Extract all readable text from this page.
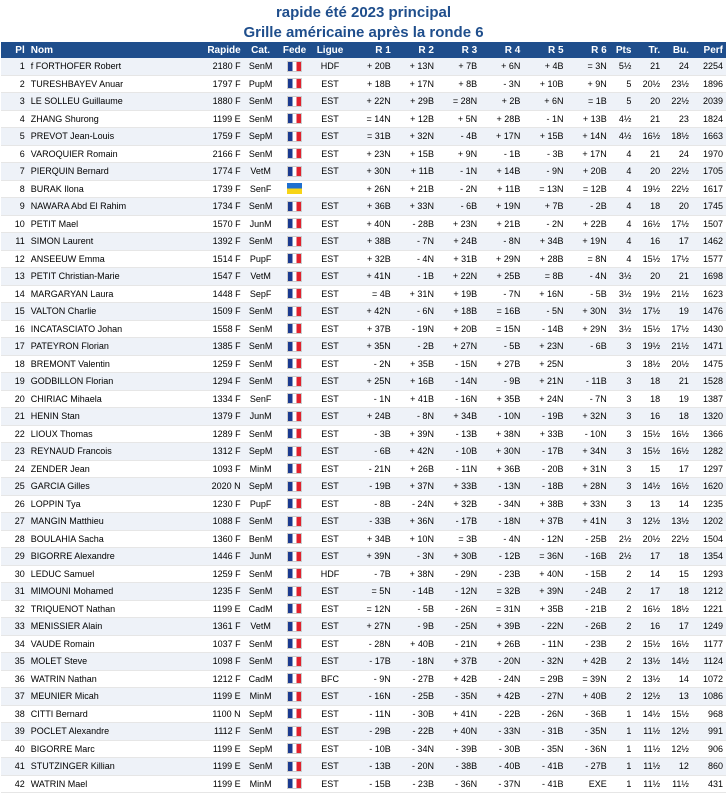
rapide été 2023 principal
Grille américaine après la ronde 6
Pl	Nom	Rapide	Cat.	Fede	Ligue	R 1	R 2	R 3	R 4	R 5	R 6	Pts	Tr.	Bu.	Perf
1	f FORTHOFER Robert	2180 F	SenM		HDF	+ 20B	+ 13N	+ 7B	+ 6N	+ 4B	= 3N	5½	21	24	2254
2	TURESHBAYEV Anuar	1797 F	PupM		EST	+ 18B	+ 17N	+ 8B	- 3N	+ 10B	+ 9N	5	20½	23½	1896
3	LE SOLLEU Guillaume	1880 F	SenM		EST	+ 22N	+ 29B	= 28N	+ 2B	+ 6N	= 1B	5	20	22½	2039
4	ZHANG Shurong	1199 E	SenM		EST	= 14N	+ 12B	+ 5N	+ 28B	- 1N	+ 13B	4½	21	23	1824
5	PREVOT Jean-Louis	1759 F	SepM		EST	= 31B	+ 32N	- 4B	+ 17N	+ 15B	+ 14N	4½	16½	18½	1663
6	VAROQUIER Romain	2166 F	SenM		EST	+ 23N	+ 15B	+ 9N	- 1B	- 3B	+ 17N	4	21	24	1970
7	PIERQUIN Bernard	1774 F	VetM		EST	+ 30N	+ 11B	- 1N	+ 14B	- 9N	+ 20B	4	20	22½	1705
8	BURAK Ilona	1739 F	SenF			+ 26N	+ 21B	- 2N	+ 11B	= 13N	= 12B	4	19½	22½	1617
9	NAWARA Abd El Rahim	1734 F	SenM		EST	+ 36B	+ 33N	- 6B	+ 19N	+ 7B	- 2B	4	18	20	1745
10	PETIT Mael	1570 F	JunM		EST	+ 40N	- 28B	+ 23N	+ 21B	- 2N	+ 22B	4	16½	17½	1507
11	SIMON Laurent	1392 F	SenM		EST	+ 38B	- 7N	+ 24B	- 8N	+ 34B	+ 19N	4	16	17	1462
12	ANSEEUW Emma	1514 F	PupF		EST	+ 32B	- 4N	+ 31B	+ 29N	+ 28B	= 8N	4	15½	17½	1577
13	PETIT Christian-Marie	1547 F	VetM		EST	+ 41N	- 1B	+ 22N	+ 25B	= 8B	- 4N	3½	20	21	1698
14	MARGARYAN Laura	1448 F	SepF		EST	= 4B	+ 31N	+ 19B	- 7N	+ 16N	- 5B	3½	19½	21½	1623
15	VALTON Charlie	1509 F	SenM		EST	+ 42N	- 6N	+ 18B	= 16B	- 5N	+ 30N	3½	17½	19	1476
16	INCATASCIATO Johan	1558 F	SenM		EST	+ 37B	- 19N	+ 20B	= 15N	- 14B	+ 29N	3½	15½	17½	1430
17	PATEYRON Florian	1385 F	SenM		EST	+ 35N	- 2B	+ 27N	- 5B	+ 23N	- 6B	3	19½	21½	1471
18	BREMONT Valentin	1259 F	SenM		EST	- 2N	+ 35B	- 15N	+ 27B	+ 25N		3	18½	20½	1475
19	GODBILLON Florian	1294 F	SenM		EST	+ 25N	+ 16B	- 14N	- 9B	+ 21N	- 11B	3	18	21	1528
20	CHIRIAC Mihaela	1334 F	SenF		EST	- 1N	+ 41B	- 16N	+ 35B	+ 24N	- 7N	3	18	19	1387
21	HENIN Stan	1379 F	JunM		EST	+ 24B	- 8N	+ 34B	- 10N	- 19B	+ 32N	3	16	18	1320
22	LIOUX Thomas	1289 F	SenM		EST	- 3B	+ 39N	- 13B	+ 38N	+ 33B	- 10N	3	15½	16½	1366
23	REYNAUD Francois	1312 F	SepM		EST	- 6B	+ 42N	- 10B	+ 30N	- 17B	+ 34N	3	15½	16½	1282
24	ZENDER Jean	1093 F	MinM		EST	- 21N	+ 26B	- 11N	+ 36B	- 20B	+ 31N	3	15	17	1297
25	GARCIA Gilles	2020 N	SepM		EST	- 19B	+ 37N	+ 33B	- 13N	- 18B	+ 28N	3	14½	16½	1620
26	LOPPIN Tya	1230 F	PupF		EST	- 8B	- 24N	+ 32B	- 34N	+ 38B	+ 33N	3	13	14	1235
27	MANGIN Matthieu	1088 F	SenM		EST	- 33B	+ 36N	- 17B	- 18N	+ 37B	+ 41N	3	12½	13½	1202
28	BOULAHIA Sacha	1360 F	BenM		EST	+ 34B	+ 10N	= 3B	- 4N	- 12N	- 25B	2½	20½	22½	1504
29	BIGORRE Alexandre	1446 F	JunM		EST	+ 39N	- 3N	+ 30B	- 12B	= 36N	- 16B	2½	17	18	1354
30	LEDUC Samuel	1259 F	SenM		HDF	- 7B	+ 38N	- 29N	- 23B	+ 40N	- 15B	2	14	15	1293
31	MIMOUNI Mohamed	1235 F	SenM		EST	= 5N	- 14B	- 12N	= 32B	+ 39N	- 24B	2	17	18	1212
32	TRIQUENOT Nathan	1199 E	CadM		EST	= 12N	- 5B	- 26N	= 31N	+ 35B	- 21B	2	16½	18½	1221
33	MENISSIER Alain	1361 F	VetM		EST	+ 27N	- 9B	- 25N	+ 39B	- 22N	- 26B	2	16	17	1249
34	VAUDE Romain	1037 F	SenM		EST	- 28N	+ 40B	- 21N	+ 26B	- 11N	- 23B	2	15½	16½	1177
35	MOLET Steve	1098 F	SenM		EST	- 17B	- 18N	+ 37B	- 20N	- 32N	+ 42B	2	13½	14½	1124
36	WATRIN Nathan	1212 F	CadM		BFC	- 9N	- 27B	+ 42B	- 24N	= 29B	= 39N	2	13½	14	1072
37	MEUNIER Micah	1199 E	MinM		EST	- 16N	- 25B	- 35N	+ 42B	- 27N	+ 40B	2	12½	13	1086
38	CITTI Bernard	1100 N	SepM		EST	- 11N	- 30B	+ 41N	- 22B	- 26N	- 36B	1	14½	15½	968
39	POCLET Alexandre	1112 F	SenM		EST	- 29B	- 22B	+ 40N	- 33N	- 31B	- 35N	1	11½	12½	991
40	BIGORRE Marc	1199 E	SepM		EST	- 10B	- 34N	- 39B	- 30B	- 35N	- 36N	1	11½	12½	906
41	STUTZINGER Killian	1199 E	SenM		EST	- 13B	- 20N	- 38B	- 40B	- 41B	- 27B	1	11½	12	860
42	WATRIN Mael	1199 E	MinM		EST	- 15B	- 23B	- 36N	- 37N	- 41B	EXE	1	11½	11½	431
